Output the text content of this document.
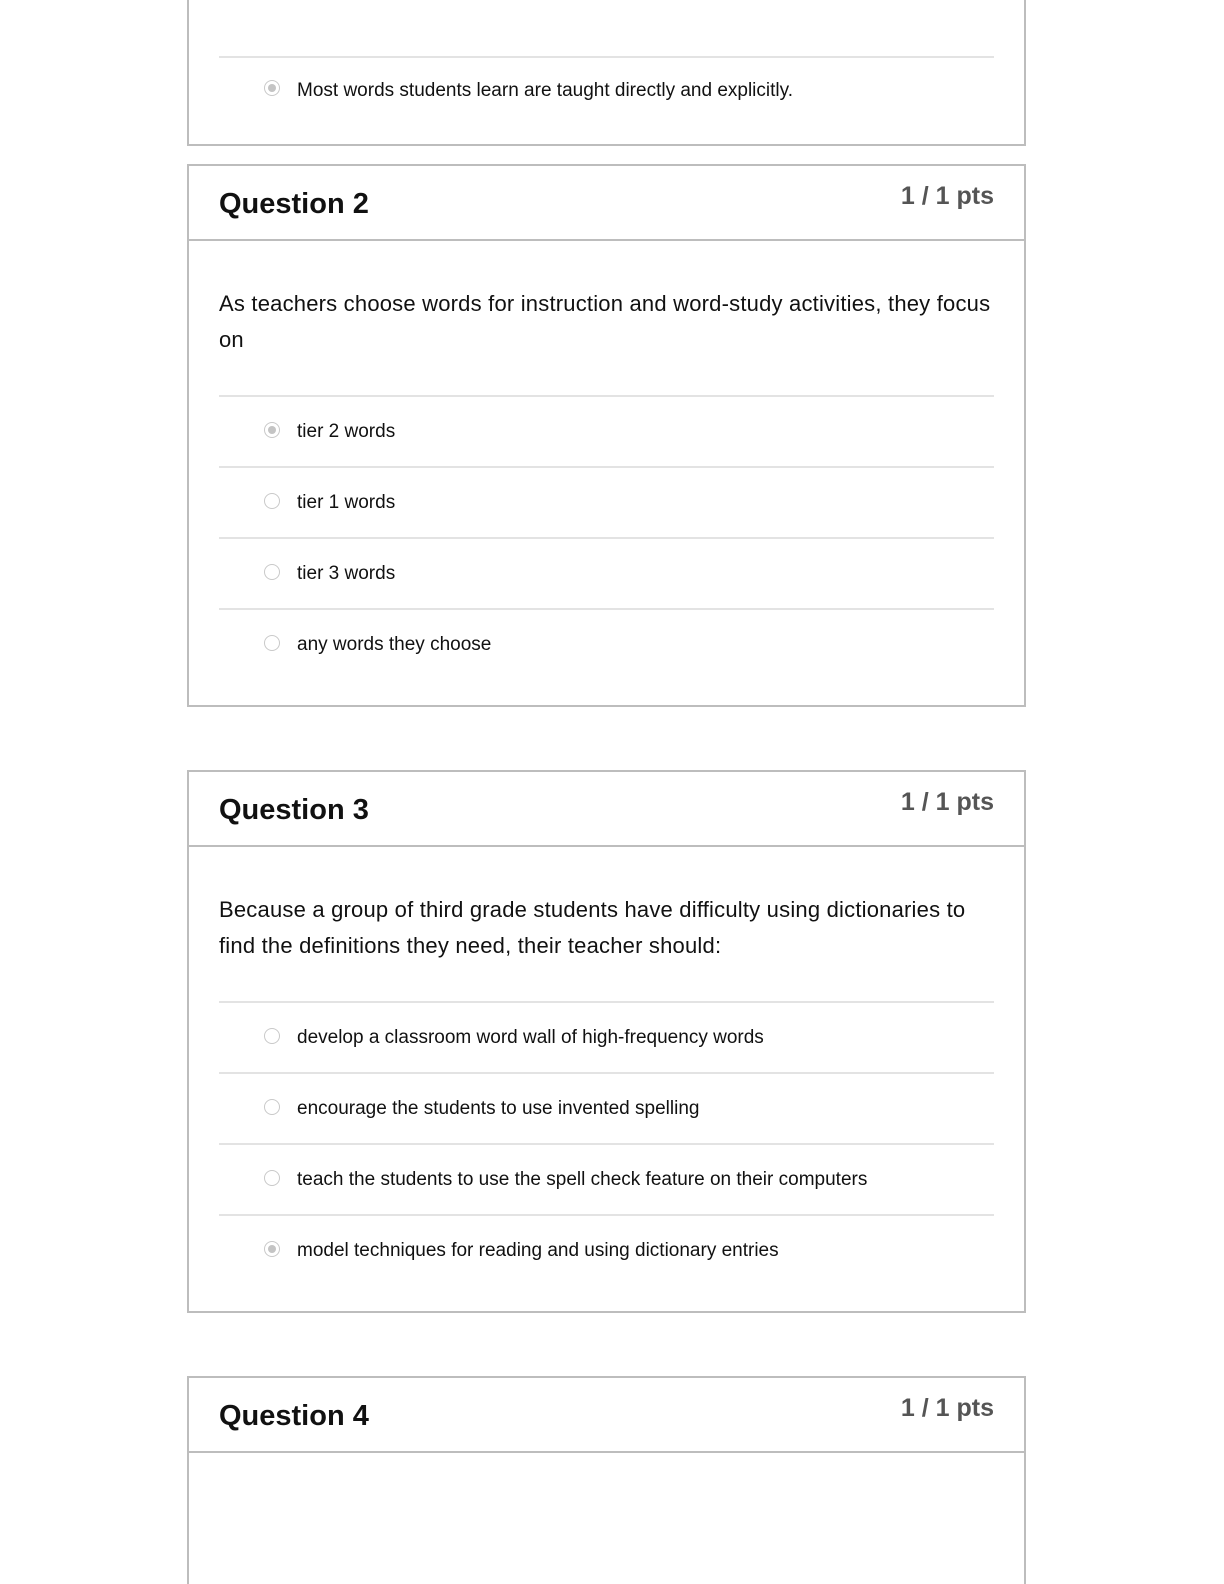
Most words students learn are taught directly and explicitly.
Question 2	1 / 1 pts

As teachers choose words for instruction and word-study activities, they focus on

tier 2 words
tier 1 words
tier 3 words
any words they choose
Question 3	1 / 1 pts

Because a group of third grade students have difficulty using dictionaries to find the definitions they need, their teacher should:

develop a classroom word wall of high-frequency words
encourage the students to use invented spelling
teach the students to use the spell check feature on their computers
model techniques for reading and using dictionary entries
Question 4	1 / 1 pts
